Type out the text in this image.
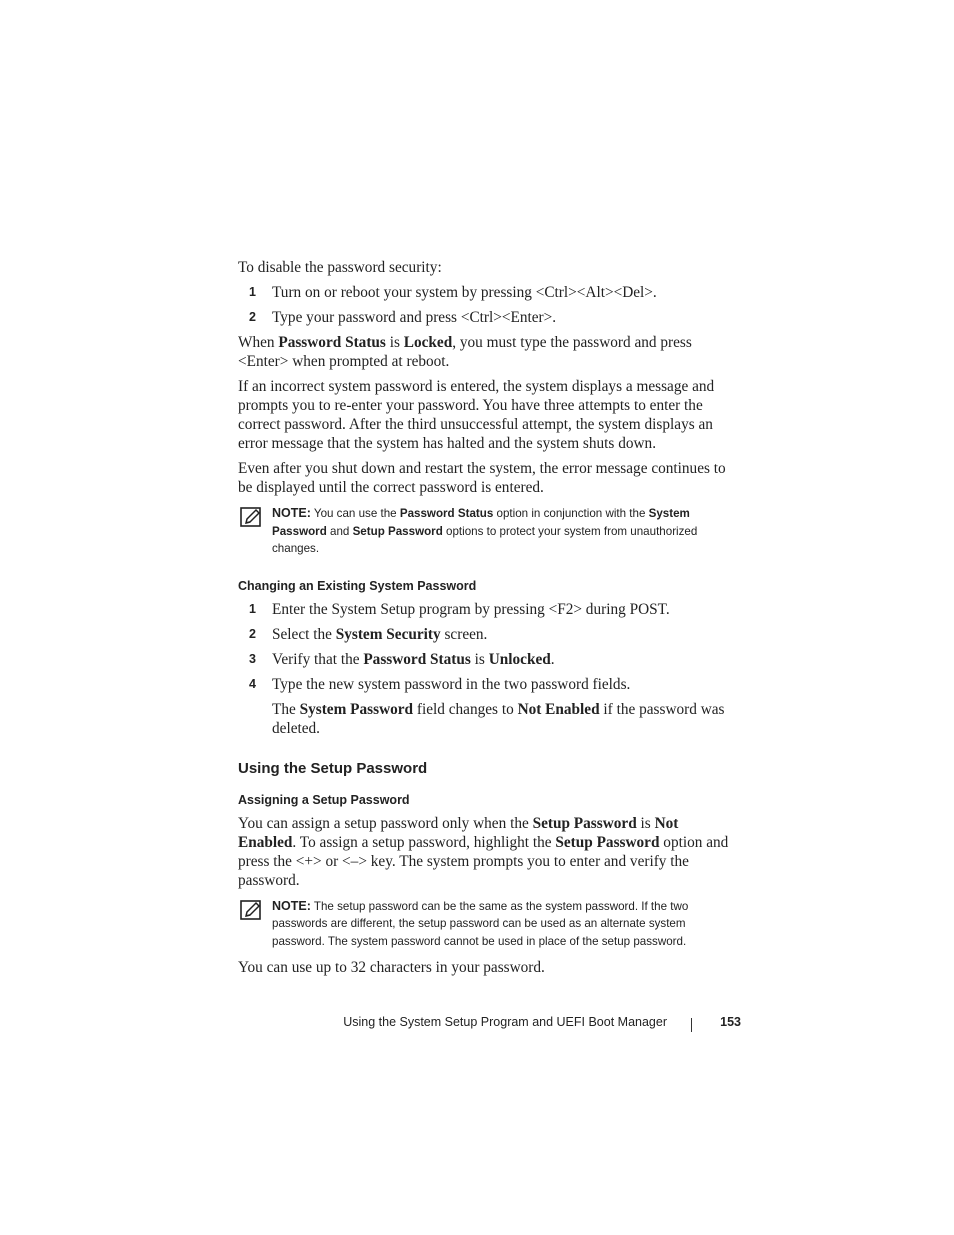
To disable the password security:

1 Turn on or reboot your system by pressing <Ctrl><Alt><Del>.
2 Type your password and press <Ctrl><Enter>.

When Password Status is Locked, you must type the password and press <Enter> when prompted at reboot.

If an incorrect system password is entered, the system displays a message and prompts you to re-enter your password. You have three attempts to enter the correct password. After the third unsuccessful attempt, the system displays an error message that the system has halted and the system shuts down.

Even after you shut down and restart the system, the error message continues to be displayed until the correct password is entered.

NOTE: You can use the Password Status option in conjunction with the System Password and Setup Password options to protect your system from unauthorized changes.
Changing an Existing System Password
1 Enter the System Setup program by pressing <F2> during POST.
2 Select the System Security screen.
3 Verify that the Password Status is Unlocked.
4 Type the new system password in the two password fields.

The System Password field changes to Not Enabled if the password was deleted.

Using the Setup Password
Assigning a Setup Password

You can assign a setup password only when the Setup Password is Not Enabled. To assign a setup password, highlight the Setup Password option and press the <+> or <–> key. The system prompts you to enter and verify the password.

NOTE: The setup password can be the same as the system password. If the two passwords are different, the setup password can be used as an alternate system password. The system password cannot be used in place of the setup password.

You can use up to 32 characters in your password.

Using the System Setup Program and UEFI Boot Manager	153
